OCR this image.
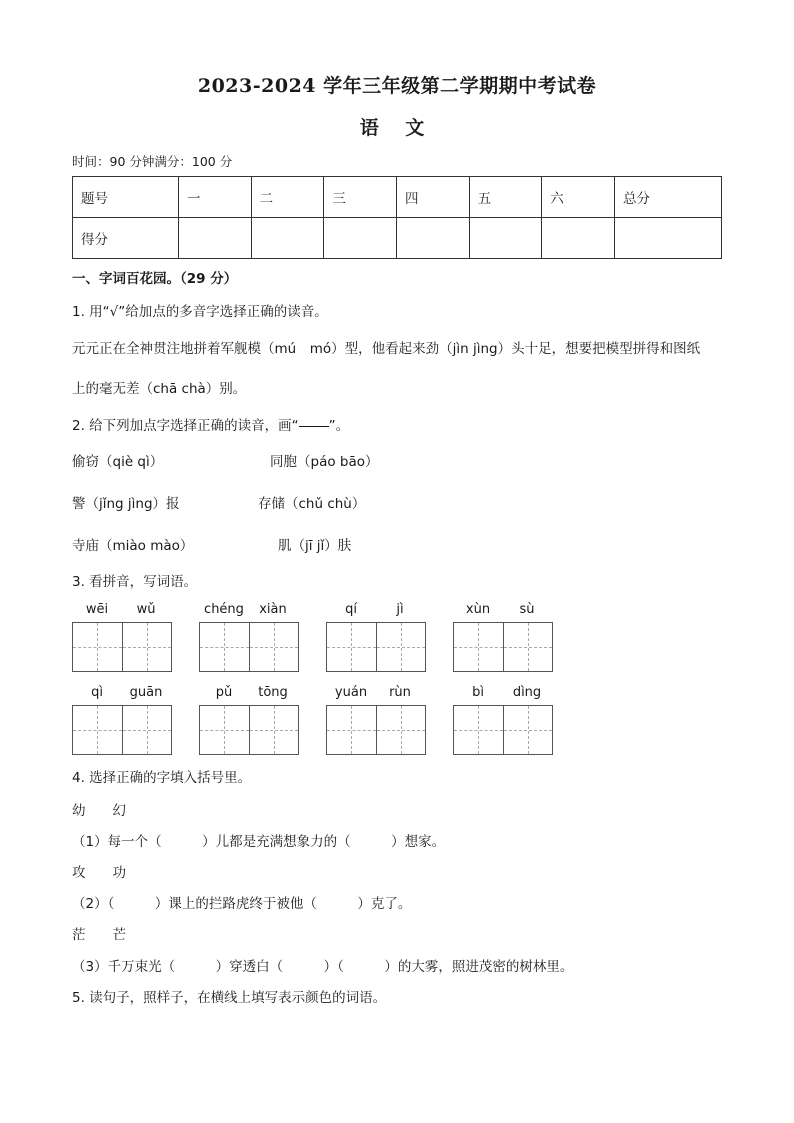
2023-2024 学年三年级第二学期期中考试卷
语 文
时间：90 分钟满分：100 分
题号	一	二	三	四	五	六	总分
得分							
一、字词百花园。（29 分）
1. 用“√”给加点的多音字选择正确的读音。
元元正在全神贯注地拼着军舰模（mú　mó）型，他看起来劲（jìn jìng）头十足，想要把模型拼得和图纸
上的毫无差（chā chà）别。
2. 给下列加点字选择正确的读音，画“ ”。
偷窃（qiè qì）	同胞（páo bāo）
警（jǐng jìng）报	存储（chǔ chù）
寺庙（miào mào）	肌（jī jǐ）肤
3. 看拼音，写词语。
wēi	wǔ	chéng	xiàn	qí	jì	xùn	sù
qì	guān	pǔ	tōng	yuán	rùn	bì	dìng
4. 选择正确的字填入括号里。
幼　　幻
（1）每一个（　　　）儿都是充满想象力的（　　　）想家。
攻　　功
（2）（　　　）课上的拦路虎终于被他（　　　）克了。
茫　　芒
（3）千万束光（　　　）穿透白（　　　）（　　　）的大雾，照进茂密的树林里。
5. 读句子，照样子，在横线上填写表示颜色的词语。
